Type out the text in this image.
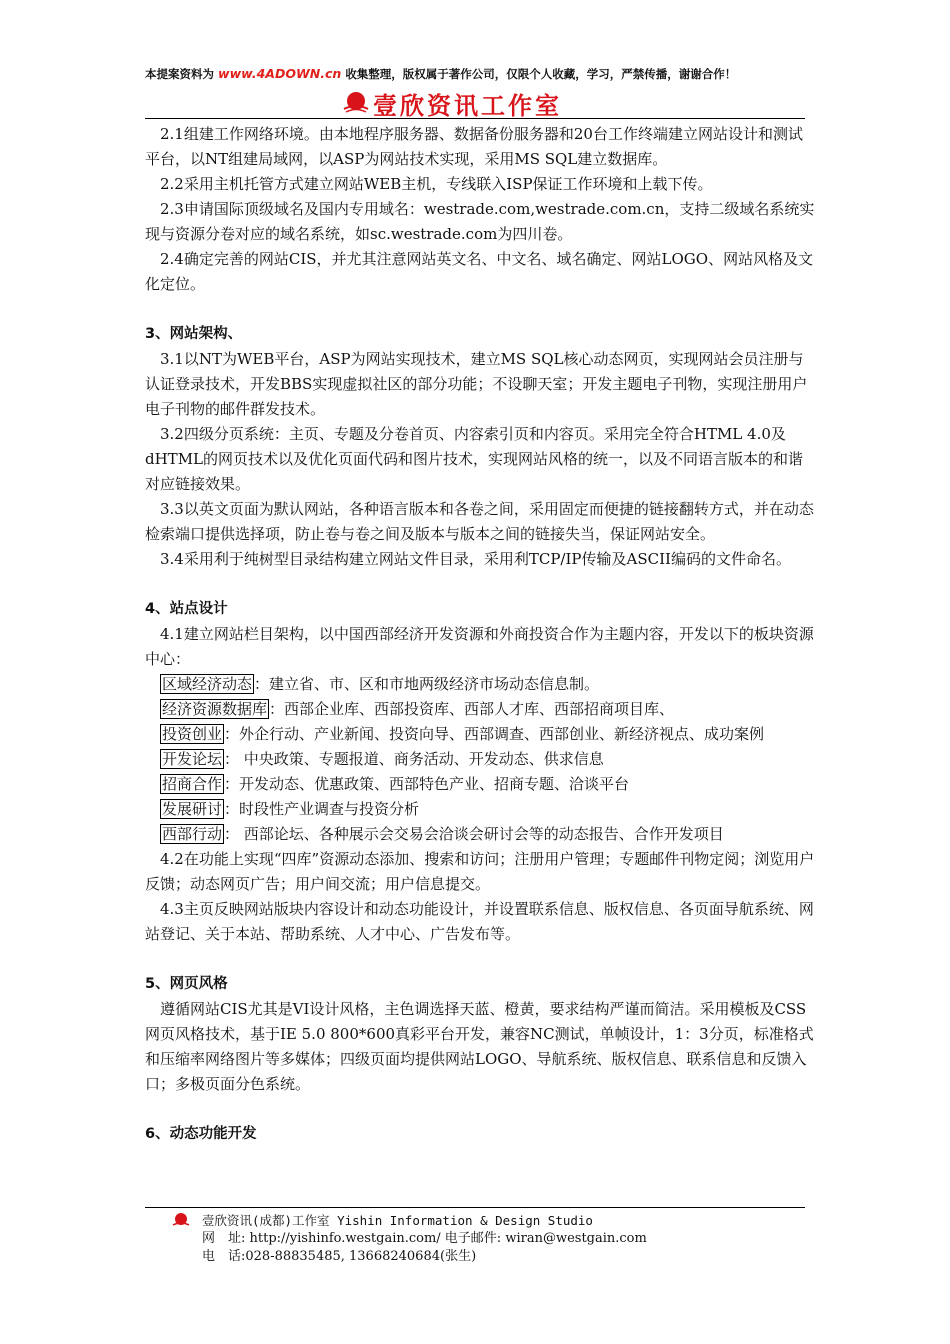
本提案资料为 www.4ADOWN.cn 收集整理，版权属于著作公司，仅限个人收藏，学习，严禁传播，谢谢合作！
壹欣资讯工作室

2.1组建工作网络环境。由本地程序服务器、数据备份服务器和20台工作终端建立网站设计和测试平台，以NT组建局域网，以ASP为网站技术实现，采用MS SQL建立数据库。

2.2采用主机托管方式建立网站WEB主机，专线联入ISP保证工作环境和上载下传。

2.3申请国际顶级域名及国内专用域名：westrade.com,westrade.com.cn，支持二级域名系统实现与资源分卷对应的域名系统，如sc.westrade.com为四川卷。

2.4确定完善的网站CIS，并尤其注意网站英文名、中文名、域名确定、网站LOGO、网站风格及文化定位。

3、网站架构、

3.1以NT为WEB平台，ASP为网站实现技术，建立MS SQL核心动态网页，实现网站会员注册与认证登录技术，开发BBS实现虚拟社区的部分功能；不设聊天室；开发主题电子刊物，实现注册用户电子刊物的邮件群发技术。

3.2四级分页系统：主页、专题及分卷首页、内容索引页和内容页。采用完全符合HTML 4.0及dHTML的网页技术以及优化页面代码和图片技术，实现网站风格的统一，以及不同语言版本的和谐对应链接效果。

3.3以英文页面为默认网站，各种语言版本和各卷之间，采用固定而便捷的链接翻转方式，并在动态检索端口提供选择项，防止卷与卷之间及版本与版本之间的链接失当，保证网站安全。

3.4采用利于纯树型目录结构建立网站文件目录，采用利TCP/IP传输及ASCII编码的文件命名。

4、站点设计

4.1建立网站栏目架构，以中国西部经济开发资源和外商投资合作为主题内容，开发以下的板块资源中心：

区域经济动态 ：建立省、市、区和市地两级经济市场动态信息制。

经济资源数据库 ：西部企业库、西部投资库、西部人才库、西部招商项目库、

投资创业 ：外企行动、产业新闻、投资向导、西部调查、西部创业、新经济视点、成功案例

开发论坛 ： 中央政策、专题报道、商务活动、开发动态、供求信息

招商合作 ：开发动态、优惠政策、西部特色产业、招商专题、洽谈平台

发展研讨 ：时段性产业调查与投资分析

西部行动 ： 西部论坛、各种展示会交易会洽谈会研讨会等的动态报告、合作开发项目

4.2在功能上实现“四库”资源动态添加、搜索和访问；注册用户管理；专题邮件刊物定阅；浏览用户反馈；动态网页广告；用户间交流；用户信息提交。

4.3主页反映网站版块内容设计和动态功能设计，并设置联系信息、版权信息、各页面导航系统、网站登记、关于本站、帮助系统、人才中心、广告发布等。

5、网页风格

遵循网站CIS尤其是VI设计风格，主色调选择天蓝、橙黄，要求结构严谨而简洁。采用模板及CSS网页风格技术，基于IE 5.0 800*600真彩平台开发，兼容NC测试，单帧设计，1：3分页，标准格式和压缩率网络图片等多媒体；四级页面均提供网站LOGO、导航系统、版权信息、联系信息和反馈入口；多极页面分色系统。

6、动态功能开发

壹欣资讯(成都)工作室 Yishin Information & Design Studio
网　址: http://yishinfo.westgain.com/ 电子邮件: wiran@westgain.com
电　话:028-88835485, 13668240684(张生)
